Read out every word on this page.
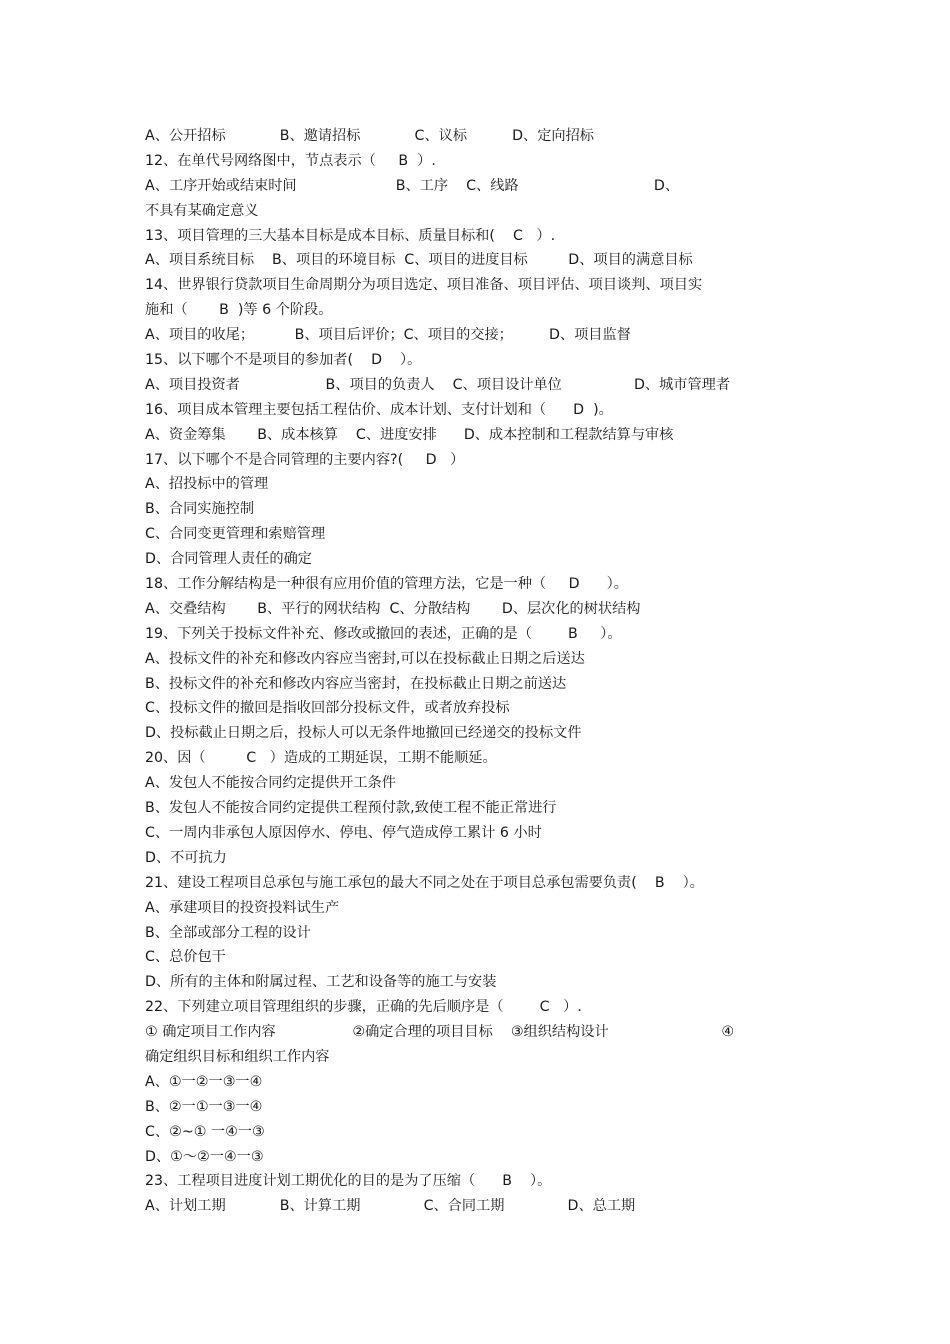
A、公开招标            B、邀请招标            C、议标          D、定向招标
12、在单代号网络图中，节点表示（     B  ）.
A、工序开始或结束时间                      B、工序    C、线路                              D、
不具有某确定意义
13、项目管理的三大基本目标是成本目标、质量目标和(    C   ）.
A、项目系统目标    B、项目的环境目标  C、项目的进度目标         D、项目的满意目标
14、世界银行贷款项目生命周期分为项目选定、项目准备、项目评估、项目谈判、项目实
施和（       B  )等 6 个阶段。
A、项目的收尾；         B、项目后评价；C、项目的交接；        D、项目监督
15、以下哪个不是项目的参加者(    D    ）。
A、项目投资者                   B、项目的负责人    C、项目设计单位                D、城市管理者
16、项目成本管理主要包括工程估价、成本计划、支付计划和（      D  )。
A、资金筹集       B、成本核算    C、进度安排      D、成本控制和工程款结算与审核
17、以下哪个不是合同管理的主要内容?(     D   ）
A、招投标中的管理
B、合同实施控制
C、合同变更管理和索赔管理
D、合同管理人责任的确定
18、工作分解结构是一种很有应用价值的管理方法，它是一种（     D      ）。
A、交叠结构       B、平行的网状结构  C、分散结构       D、层次化的树状结构
19、下列关于投标文件补充、修改或撤回的表述，正确的是（        B     ）。
A、投标文件的补充和修改内容应当密封,可以在投标截止日期之后送达
B、投标文件的补充和修改内容应当密封，在投标截止日期之前送达
C、投标文件的撤回是指收回部分投标文件，或者放弃投标
D、投标截止日期之后，投标人可以无条件地撤回已经递交的投标文件
20、因（         C   ）造成的工期延误，工期不能顺延。
A、发包人不能按合同约定提供开工条件
B、发包人不能按合同约定提供工程预付款,致使工程不能正常进行
C、一周内非承包人原因停水、停电、停气造成停工累计 6 小时
D、不可抗力
21、建设工程项目总承包与施工承包的最大不同之处在于项目总承包需要负责(    B    ）。
A、承建项目的投资投料试生产
B、全部或部分工程的设计
C、总价包干
D、所有的主体和附属过程、工艺和设备等的施工与安装
22、下列建立项目管理组织的步骤，正确的先后顺序是（        C   ）.
① 确定项目工作内容                 ②确定合理的项目目标    ③组织结构设计                         ④
确定组织目标和组织工作内容
A、①一②一③一④
B、②一①一③一④
C、②~① 一④一③
D、①～②一④一③
23、工程项目进度计划工期优化的目的是为了压缩（      B    ）。
A、计划工期            B、计算工期              C、合同工期              D、总工期
